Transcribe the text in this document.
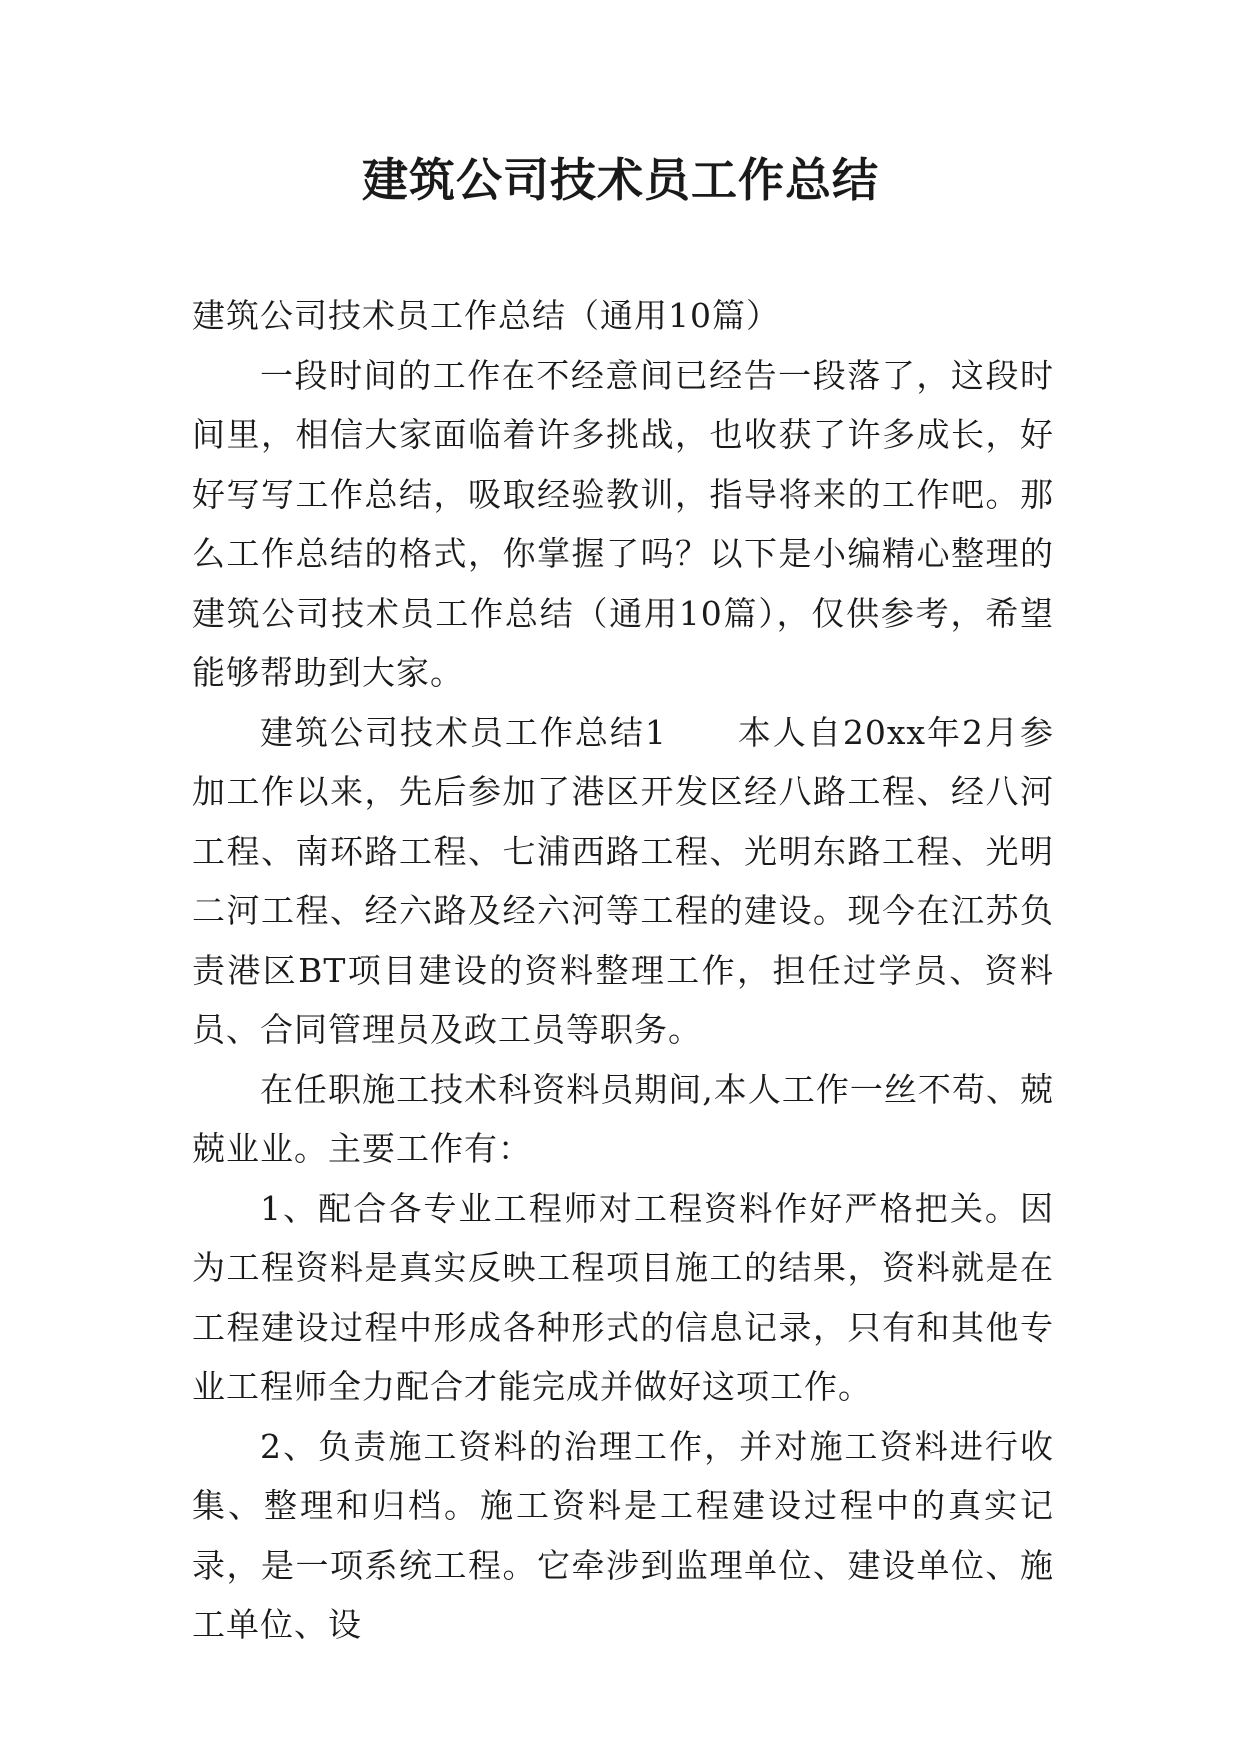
建筑公司技术员工作总结

建筑公司技术员工作总结（通用10篇）

一段时间的工作在不经意间已经告一段落了，这段时间里，相信大家面临着许多挑战，也收获了许多成长，好好写写工作总结，吸取经验教训，指导将来的工作吧。那么工作总结的格式，你掌握了吗？以下是小编精心整理的建筑公司技术员工作总结（通用10篇），仅供参考，希望能够帮助到大家。

建筑公司技术员工作总结1 本人自20xx年2月参加工作以来，先后参加了港区开发区经八路工程、经八河工程、南环路工程、七浦西路工程、光明东路工程、光明二河工程、经六路及经六河等工程的建设。现今在江苏负责港区BT项目建设的资料整理工作，担任过学员、资料员、合同管理员及政工员等职务。

在任职施工技术科资料员期间,本人工作一丝不苟、兢兢业业。主要工作有：

1、配合各专业工程师对工程资料作好严格把关。因为工程资料是真实反映工程项目施工的结果，资料就是在工程建设过程中形成各种形式的信息记录，只有和其他专业工程师全力配合才能完成并做好这项工作。

2、负责施工资料的治理工作，并对施工资料进行收集、整理和归档。施工资料是工程建设过程中的真实记录，是一项系统工程。它牵涉到监理单位、建设单位、施工单位、设
